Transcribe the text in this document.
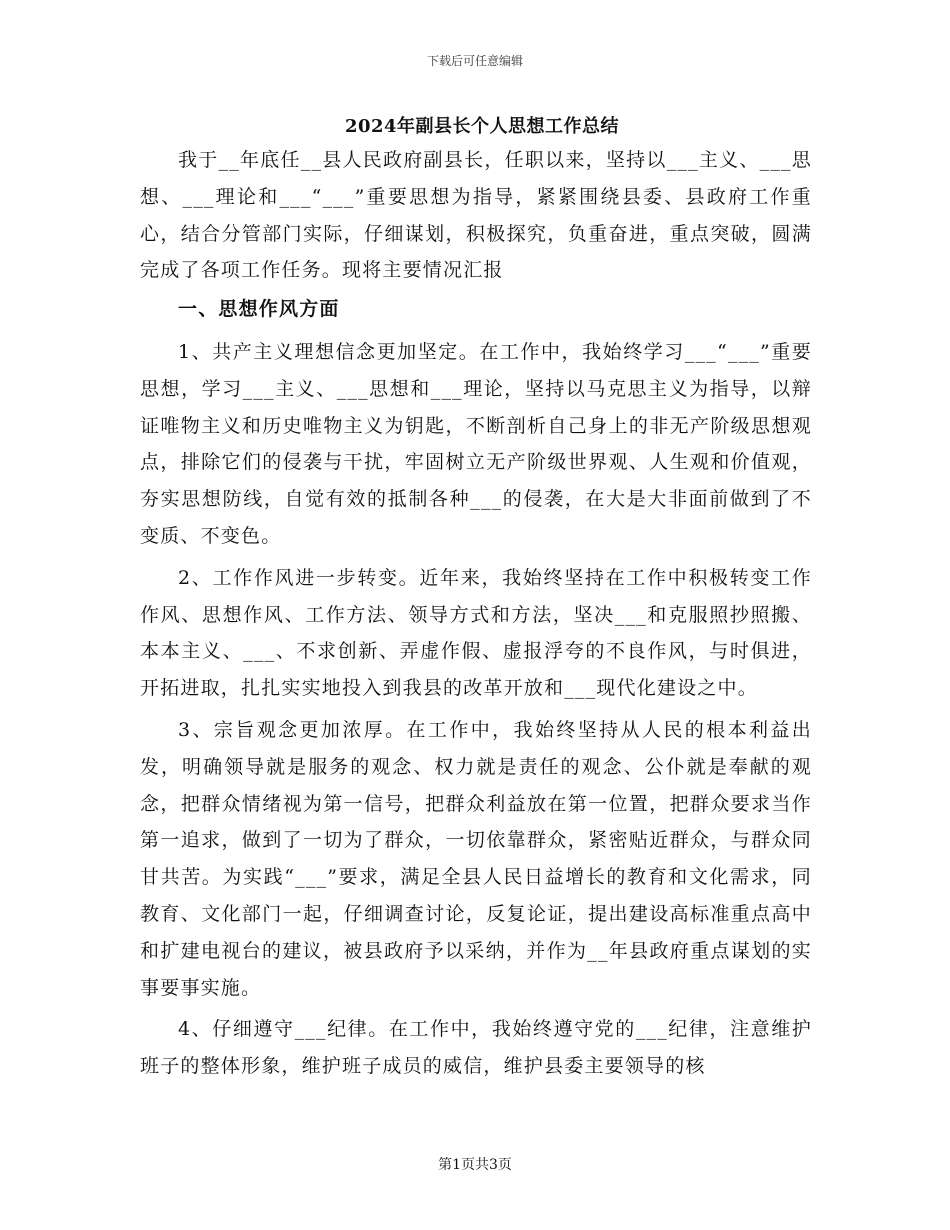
下载后可任意编辑
2024年副县长个人思想工作总结

我于__年底任__县人民政府副县长，任职以来，坚持以___主义、___思想、___理论和___“___”重要思想为指导，紧紧围绕县委、县政府工作重心，结合分管部门实际，仔细谋划，积极探究，负重奋进，重点突破，圆满完成了各项工作任务。现将主要情况汇报

一、思想作风方面

1、共产主义理想信念更加坚定。在工作中，我始终学习___“___”重要思想，学习___主义、___思想和___理论，坚持以马克思主义为指导，以辩证唯物主义和历史唯物主义为钥匙，不断剖析自己身上的非无产阶级思想观点，排除它们的侵袭与干扰，牢固树立无产阶级世界观、人生观和价值观，夯实思想防线，自觉有效的抵制各种___的侵袭，在大是大非面前做到了不变质、不变色。

2、工作作风进一步转变。近年来，我始终坚持在工作中积极转变工作作风、思想作风、工作方法、领导方式和方法，坚决___和克服照抄照搬、本本主义、___、不求创新、弄虚作假、虚报浮夸的不良作风，与时俱进，开拓进取，扎扎实实地投入到我县的改革开放和___现代化建设之中。

3、宗旨观念更加浓厚。在工作中，我始终坚持从人民的根本利益出发，明确领导就是服务的观念、权力就是责任的观念、公仆就是奉献的观念，把群众情绪视为第一信号，把群众利益放在第一位置，把群众要求当作第一追求，做到了一切为了群众，一切依靠群众，紧密贴近群众，与群众同甘共苦。为实践“___”要求，满足全县人民日益增长的教育和文化需求，同教育、文化部门一起，仔细调查讨论，反复论证，提出建设高标准重点高中和扩建电视台的建议，被县政府予以采纳，并作为__年县政府重点谋划的实事要事实施。

4、仔细遵守___纪律。在工作中，我始终遵守党的___纪律，注意维护班子的整体形象，维护班子成员的威信，维护县委主要领导的核

第1页共3页
